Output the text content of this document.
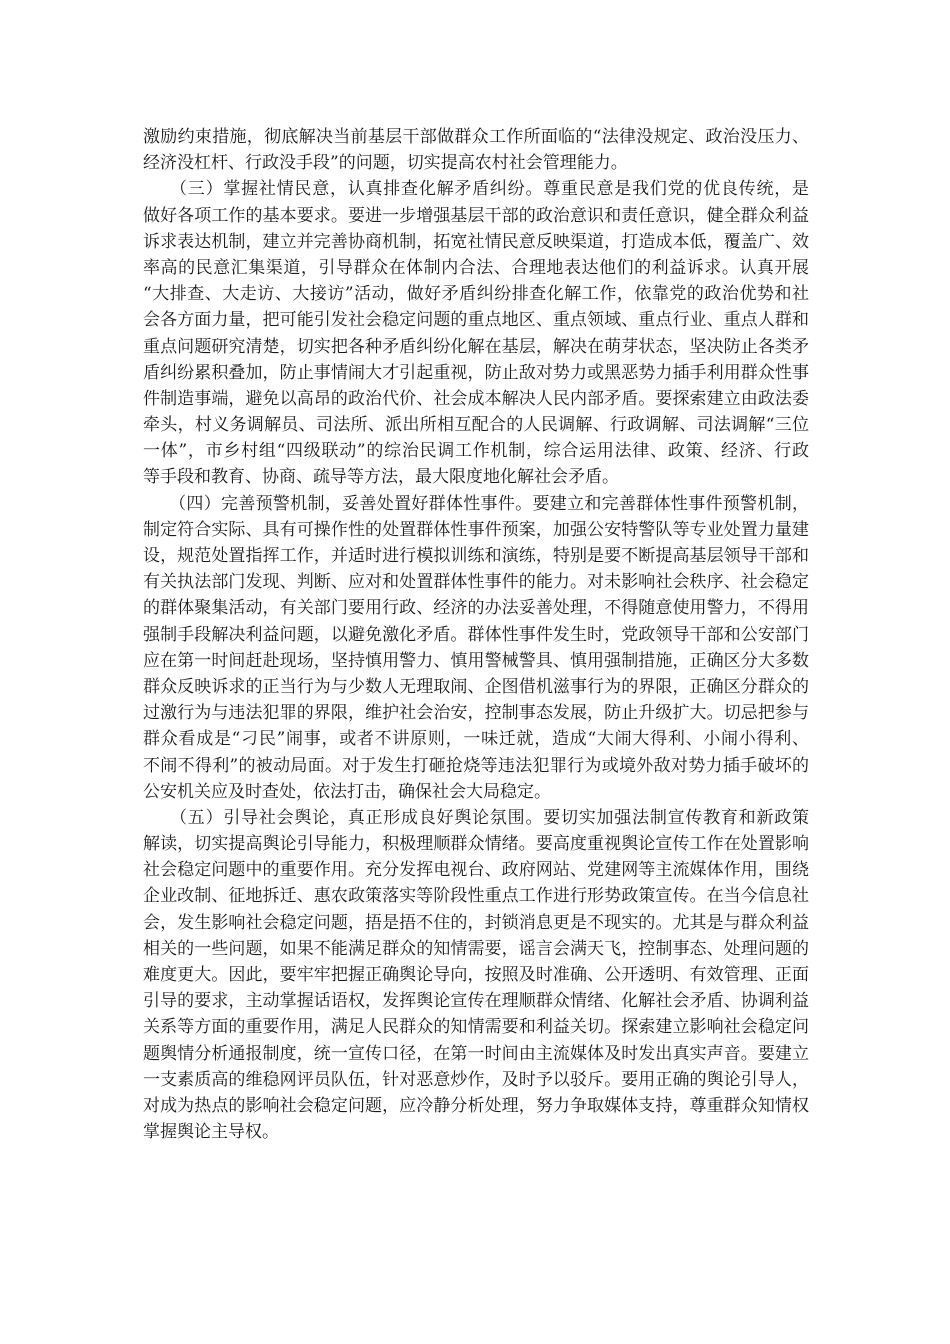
激励约束措施，彻底解决当前基层干部做群众工作所面临的“法律没规定、政治没压力、
经济没杠杆、行政没手段”的问题，切实提高农村社会管理能力。
　　（三）掌握社情民意，认真排查化解矛盾纠纷。尊重民意是我们党的优良传统，是
做好各项工作的基本要求。要进一步增强基层干部的政治意识和责任意识，健全群众利益
诉求表达机制，建立并完善协商机制，拓宽社情民意反映渠道，打造成本低，覆盖广、效
率高的民意汇集渠道，引导群众在体制内合法、合理地表达他们的利益诉求。认真开展
“大排查、大走访、大接访”活动，做好矛盾纠纷排查化解工作，依靠党的政治优势和社
会各方面力量，把可能引发社会稳定问题的重点地区、重点领域、重点行业、重点人群和
重点问题研究清楚，切实把各种矛盾纠纷化解在基层，解决在萌芽状态，坚决防止各类矛
盾纠纷累积叠加，防止事情闹大才引起重视，防止敌对势力或黑恶势力插手利用群众性事
件制造事端，避免以高昂的政治代价、社会成本解决人民内部矛盾。要探索建立由政法委
牵头，村义务调解员、司法所、派出所相互配合的人民调解、行政调解、司法调解“三位
一体”，市乡村组“四级联动”的综治民调工作机制，综合运用法律、政策、经济、行政
等手段和教育、协商、疏导等方法，最大限度地化解社会矛盾。
　　（四）完善预警机制，妥善处置好群体性事件。要建立和完善群体性事件预警机制，
制定符合实际、具有可操作性的处置群体性事件预案，加强公安特警队等专业处置力量建
设，规范处置指挥工作，并适时进行模拟训练和演练，特别是要不断提高基层领导干部和
有关执法部门发现、判断、应对和处置群体性事件的能力。对未影响社会秩序、社会稳定
的群体聚集活动，有关部门要用行政、经济的办法妥善处理，不得随意使用警力，不得用
强制手段解决利益问题，以避免激化矛盾。群体性事件发生时，党政领导干部和公安部门
应在第一时间赶赴现场，坚持慎用警力、慎用警械警具、慎用强制措施，正确区分大多数
群众反映诉求的正当行为与少数人无理取闹、企图借机滋事行为的界限，正确区分群众的
过激行为与违法犯罪的界限，维护社会治安，控制事态发展，防止升级扩大。切忌把参与
群众看成是“刁民”闹事，或者不讲原则，一味迁就，造成“大闹大得利、小闹小得利、
不闹不得利”的被动局面。对于发生打砸抢烧等违法犯罪行为或境外敌对势力插手破坏的
公安机关应及时查处，依法打击，确保社会大局稳定。
　　（五）引导社会舆论，真正形成良好舆论氛围。要切实加强法制宣传教育和新政策
解读，切实提高舆论引导能力，积极理顺群众情绪。要高度重视舆论宣传工作在处置影响
社会稳定问题中的重要作用。充分发挥电视台、政府网站、党建网等主流媒体作用，围绕
企业改制、征地拆迁、惠农政策落实等阶段性重点工作进行形势政策宣传。在当今信息社
会，发生影响社会稳定问题，捂是捂不住的，封锁消息更是不现实的。尤其是与群众利益
相关的一些问题，如果不能满足群众的知情需要，谣言会满天飞，控制事态、处理问题的
难度更大。因此，要牢牢把握正确舆论导向，按照及时准确、公开透明、有效管理、正面
引导的要求，主动掌握话语权，发挥舆论宣传在理顺群众情绪、化解社会矛盾、协调利益
关系等方面的重要作用，满足人民群众的知情需要和利益关切。探索建立影响社会稳定问
题舆情分析通报制度，统一宣传口径，在第一时间由主流媒体及时发出真实声音。要建立
一支素质高的维稳网评员队伍，针对恶意炒作，及时予以驳斥。要用正确的舆论引导人，
对成为热点的影响社会稳定问题，应冷静分析处理，努力争取媒体支持，尊重群众知情权
掌握舆论主导权。
